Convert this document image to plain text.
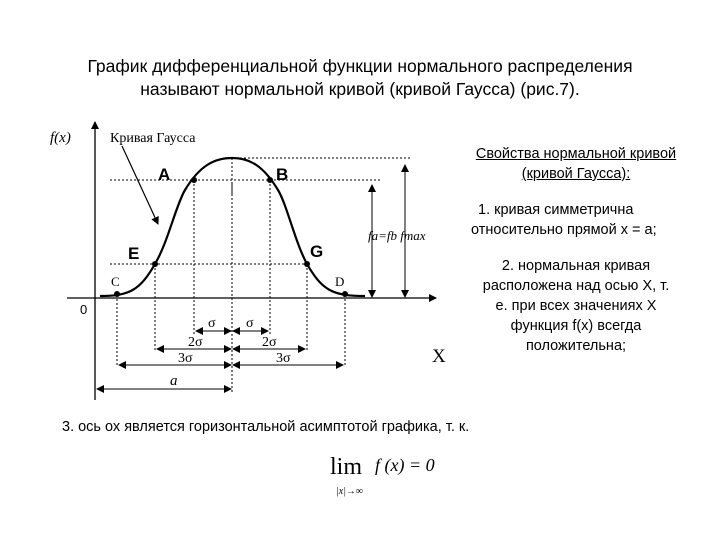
График дифференциальной функции нормального распределения
называют нормальной кривой (кривой Гаусса) (рис.7).
f(x)	Кривая Гаусса
0
X
A	B
E	G
C	D
fa=fb fmax
σ σ
2σ	2σ
3σ	3σ
a
lim f (x) = 0
|x|→∞
Свойства нормальной кривой
(кривой Гаусса):
1. кривая симметрична
относительно прямой х = а;
2. нормальная кривая
расположена над осью Х, т.
е. при всех значениях Х
функция f(x) всегда
положительна;
3. ось ох является горизонтальной асимптотой графика, т. к.
